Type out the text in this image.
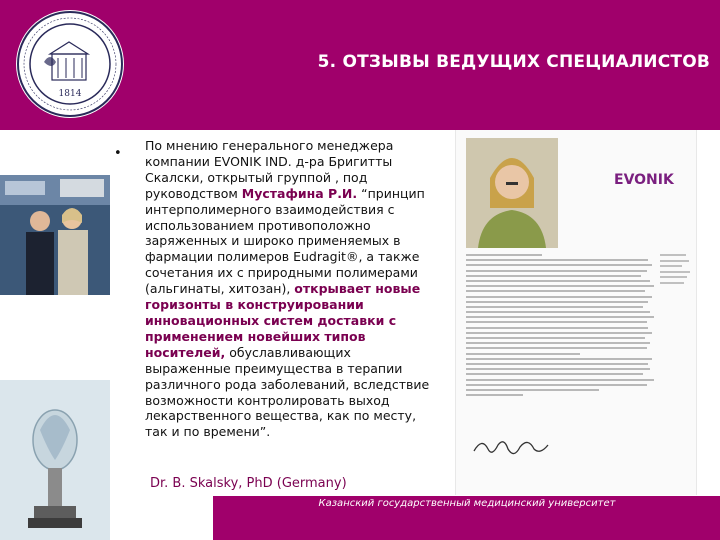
1814
5. ОТЗЫВЫ ВЕДУЩИХ СПЕЦИАЛИСТОВ
•
По мнению генерального менеджера компании EVONIK IND. д-ра Бригитты Скалски, открытый группой , под руководством Мустафина Р.И. “принцип интерполимерного взаимодействия с использованием противоположно заряженных и широко применяемых в фармации полимеров Eudragit®, а также сочетания их с природными полимерами (альгинаты, хитозан), открывает новые горизонты в конструировании инновационных систем доставки с применением новейших типов носителей, обуславливающих выраженные преимущества в терапии различного рода заболеваний, вследствие возможности контролировать выход лекарственного вещества, как по месту, так и по времени”.
Dr. B. Skalsky, PhD (Germany)
EVONIK
Казанский государственный медицинский университет
